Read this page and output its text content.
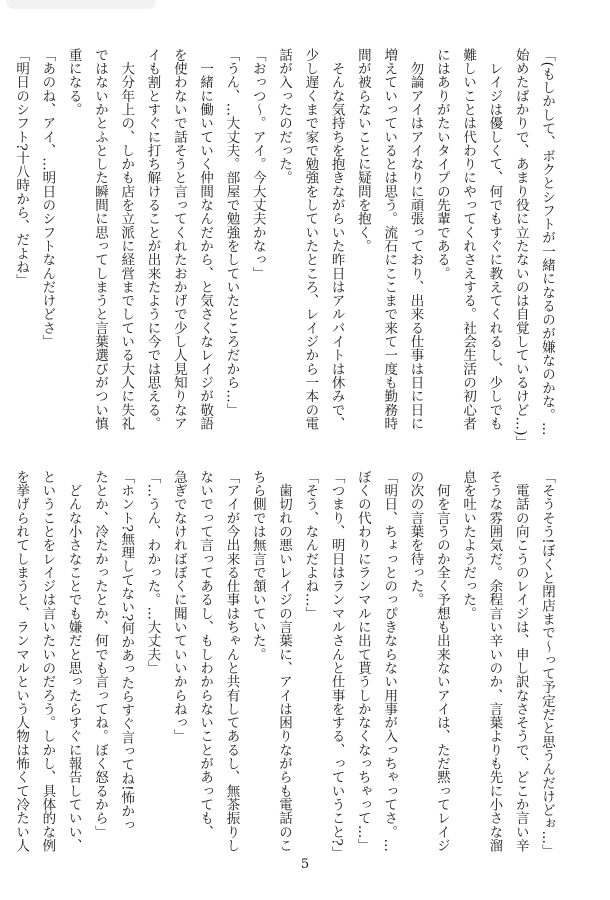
「(もしかして、ボクとシフトが一緒になるのが嫌なのかな。…
始めたばかりで、あまり役に立たないのは自覚しているけど…)」
　レイジは優しくて、何でもすぐに教えてくれるし、少しでも
難しいことは代わりにやってくれさえする。社会生活の初心者
にはありがたいタイプの先輩である。
　勿論アイはアイなりに頑張っており、出来る仕事は日に日に
増えていっているとは思う。流石にここまで来て一度も勤務時
間が被らないことに疑問を抱く。
　そんな気持ちを抱きながらいた昨日はアルバイトは休みで、
少し遅くまで家で勉強をしていたところ、レイジから一本の電
話が入ったのだった。
「おっつ～。アイ。今大丈夫かなっ」
「うん、…大丈夫。部屋で勉強をしていたところだから…」
　一緒に働いていく仲間なんだから、と気さくなレイジが敬語
を使わないで話そうと言ってくれたおかげで少し人見知りなア
イも割とすぐに打ち解けることが出来たように今では思える。
　大分年上の、しかも店を立派に経営までしている大人に失礼
ではないかとふとした瞬間に思ってしまうと言葉選びがつい慎
重になる。
「あのね、アイ、…明日のシフトなんだけどさ」
「明日のシフト?十八時から、だよね」
「そうそう!ぼくと閉店まで～って予定だと思うんだけどぉ…」
　電話の向こうのレイジは、申し訳なさそうで、どこか言い辛
そうな雰囲気だ。余程言い辛いのか、言葉よりも先に小さな溜
息を吐いたようだった。
　何を言うのか全く予想も出来ないアイは、ただ黙ってレイジ
の次の言葉を待った。
「明日、ちょっとのっぴきならない用事が入っちゃってさ。…
ぼくの代わりにランマルに出て貰うしかなくなっちゃって…」
「つまり、明日はランマルさんと仕事をする、っていうこと?」
「そう、なんだよね…」
　歯切れの悪いレイジの言葉に、アイは困りながらも電話のこ
ちら側では無言で頷いていた。
「アイが今出来る仕事はちゃんと共有してあるし、無茶振りし
ないでって言ってあるし、もしわからないことがあっても、
急ぎでなければぼくに聞いていいからねっ」
「…うん、わかった。…大丈夫」
「ホント?無理してない?何かあったらすぐ言ってね!怖かっ
たとか、冷たかったとか、何でも言ってね。ぼく怒るから」
　どんな小さなことでも嫌だと思ったらすぐに報告していい、
ということをレイジは言いたいのだろう。しかし、具体的な例
を挙げられてしまうと、ランマルという人物は怖くて冷たい人
5
